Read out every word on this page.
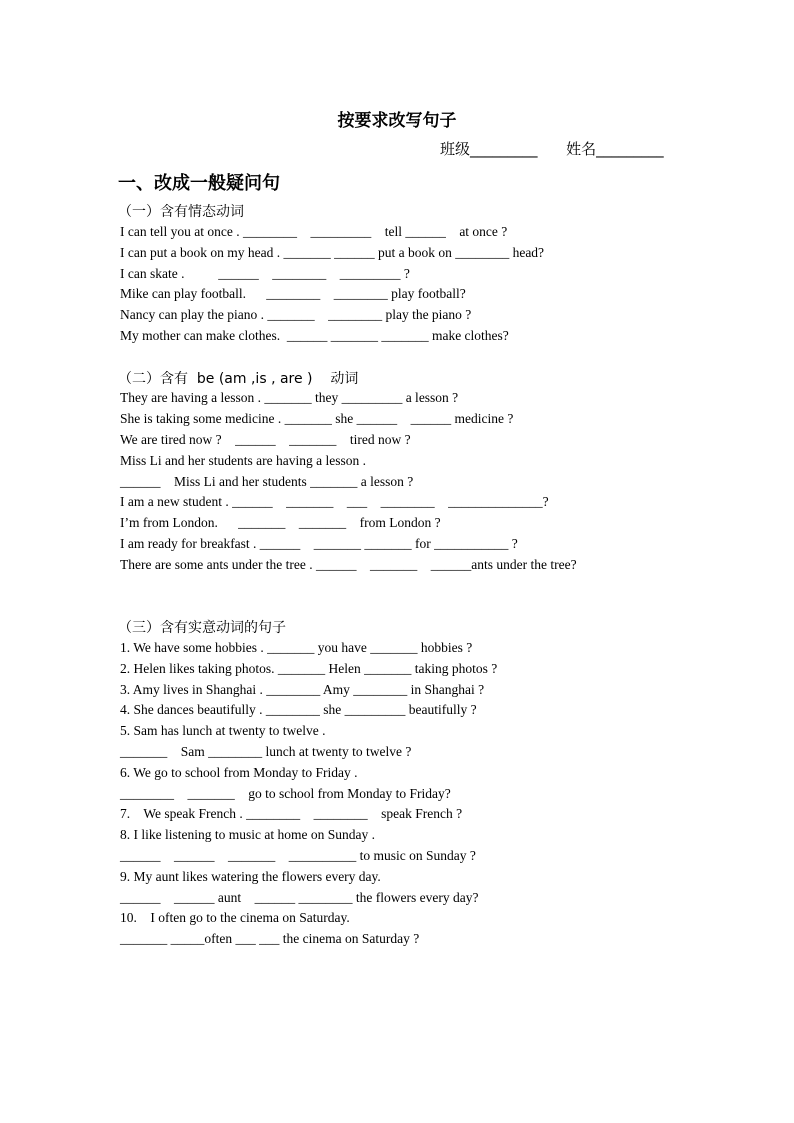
按要求改写句子
班级_________      姓名_________
一、改成一般疑问句
（一）含有情态动词
I can tell you at once . ________    _________    tell ______    at once ?
I can put a book on my head . _______ ______ put a book on ________ head?
I can skate .          ______    ________    _________ ?
Mike can play football.      ________    ________ play football?
Nancy can play the piano . _______    ________ play the piano ?
My mother can make clothes.  ______ _______ _______ make clothes?
（二）含有  be (am ,is , are )    动词
They are having a lesson . _______ they _________ a lesson ?
She is taking some medicine . _______ she ______    ______ medicine ?
We are tired now ?    ______    _______    tired now ?
Miss Li and her students are having a lesson .
______    Miss Li and her students _______ a lesson ?
I am a new student . ______    _______    ___    ________    ______________?
I’m from London.      _______    _______    from London ?
I am ready for breakfast . ______    _______ _______ for ___________ ?
There are some ants under the tree . ______    _______    ______ants under the tree?
（三）含有实意动词的句子
1. We have some hobbies . _______ you have _______ hobbies ?
2. Helen likes taking photos. _______ Helen _______ taking photos ?
3. Amy lives in Shanghai . ________ Amy ________ in Shanghai ?
4. She dances beautifully . ________ she _________ beautifully ?
5. Sam has lunch at twenty to twelve .
_______    Sam ________ lunch at twenty to twelve ?
6. We go to school from Monday to Friday .
________    _______    go to school from Monday to Friday?
7.    We speak French . ________    ________    speak French ?
8. I like listening to music at home on Sunday .
______    ______    _______    __________ to music on Sunday ?
9. My aunt likes watering the flowers every day.
______    ______ aunt    ______ ________ the flowers every day?
10.    I often go to the cinema on Saturday.
_______ _____often ___ ___ the cinema on Saturday ?
